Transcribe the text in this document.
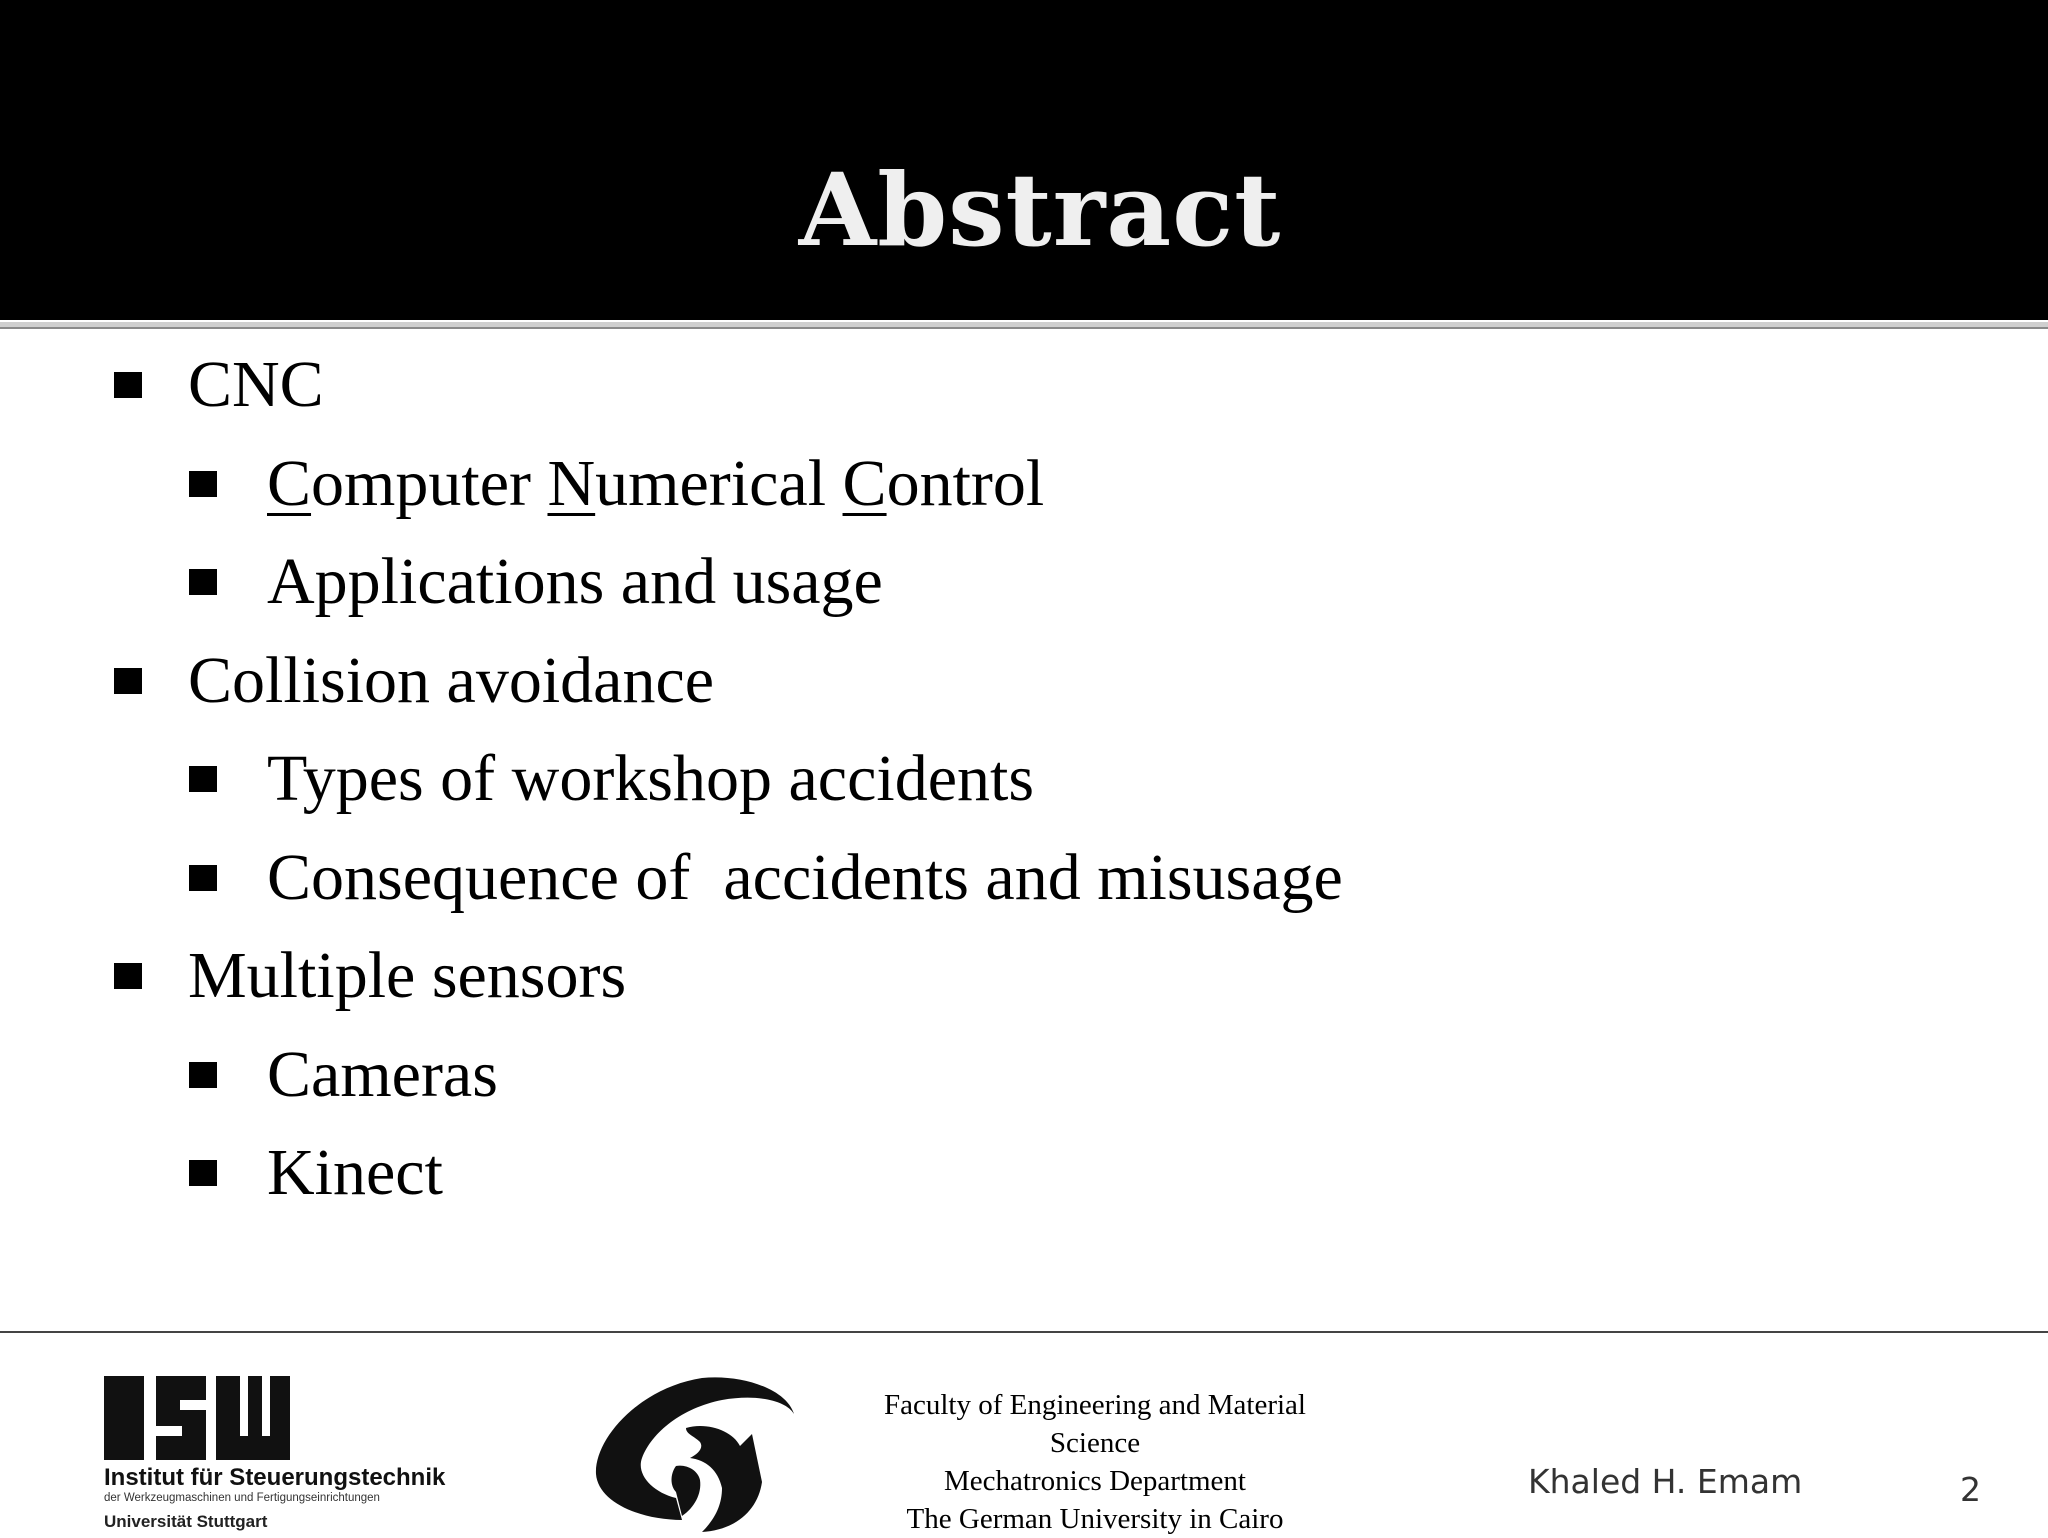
Abstract
CNC
Computer Numerical Control
Applications and usage
Collision avoidance
Types of workshop accidents
Consequence of  accidents and misusage
Multiple sensors
Cameras
Kinect
Institut für Steuerungstechnik
der Werkzeugmaschinen und Fertigungseinrichtungen
Universität Stuttgart
Faculty of Engineering and Material
Science
Mechatronics Department
The German University in Cairo
Khaled H. Emam	2
